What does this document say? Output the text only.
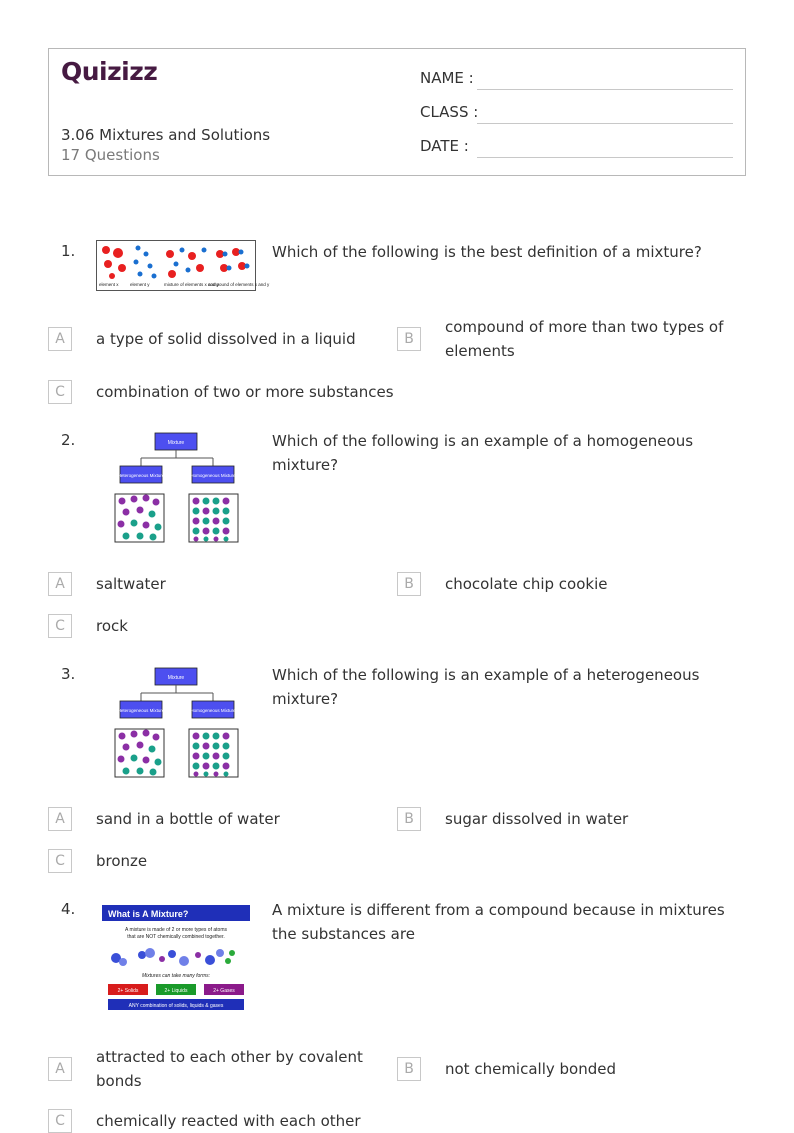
Quizizz
3.06 Mixtures and Solutions
17 Questions
NAME :
CLASS :
DATE :
1.
element x	element y	mixture of elements x and y
compound of elements x and y
Which of the following is the best definition of a mixture?
A	a type of solid dissolved in a liquid	B
compound of more than two types of elements
C	combination of two or more substances
2.	Mixture
Heterogeneous Mixture	Homogeneous Mixture
Which of the following is an example of a homogeneous mixture?
A	saltwater	B	chocolate chip cookie
C	rock
3.	Mixture
Heterogeneous Mixture	Homogeneous Mixture
Which of the following is an example of a heterogeneous mixture?
A	sand in a bottle of water	B	sugar dissolved in water
C	bronze
4.	What is A Mixture?
A mixture is made of 2 or more types of atoms
that are NOT chemically combined together.
Mixtures can take many forms:
2+ Solids	2+ Liquids	2+ Gases
ANY combination of solids, liquids & gases
A mixture is different from a compound because in mixtures the substances are
A
attracted to each other by covalent bonds
B	not chemically bonded
C	chemically reacted with each other
